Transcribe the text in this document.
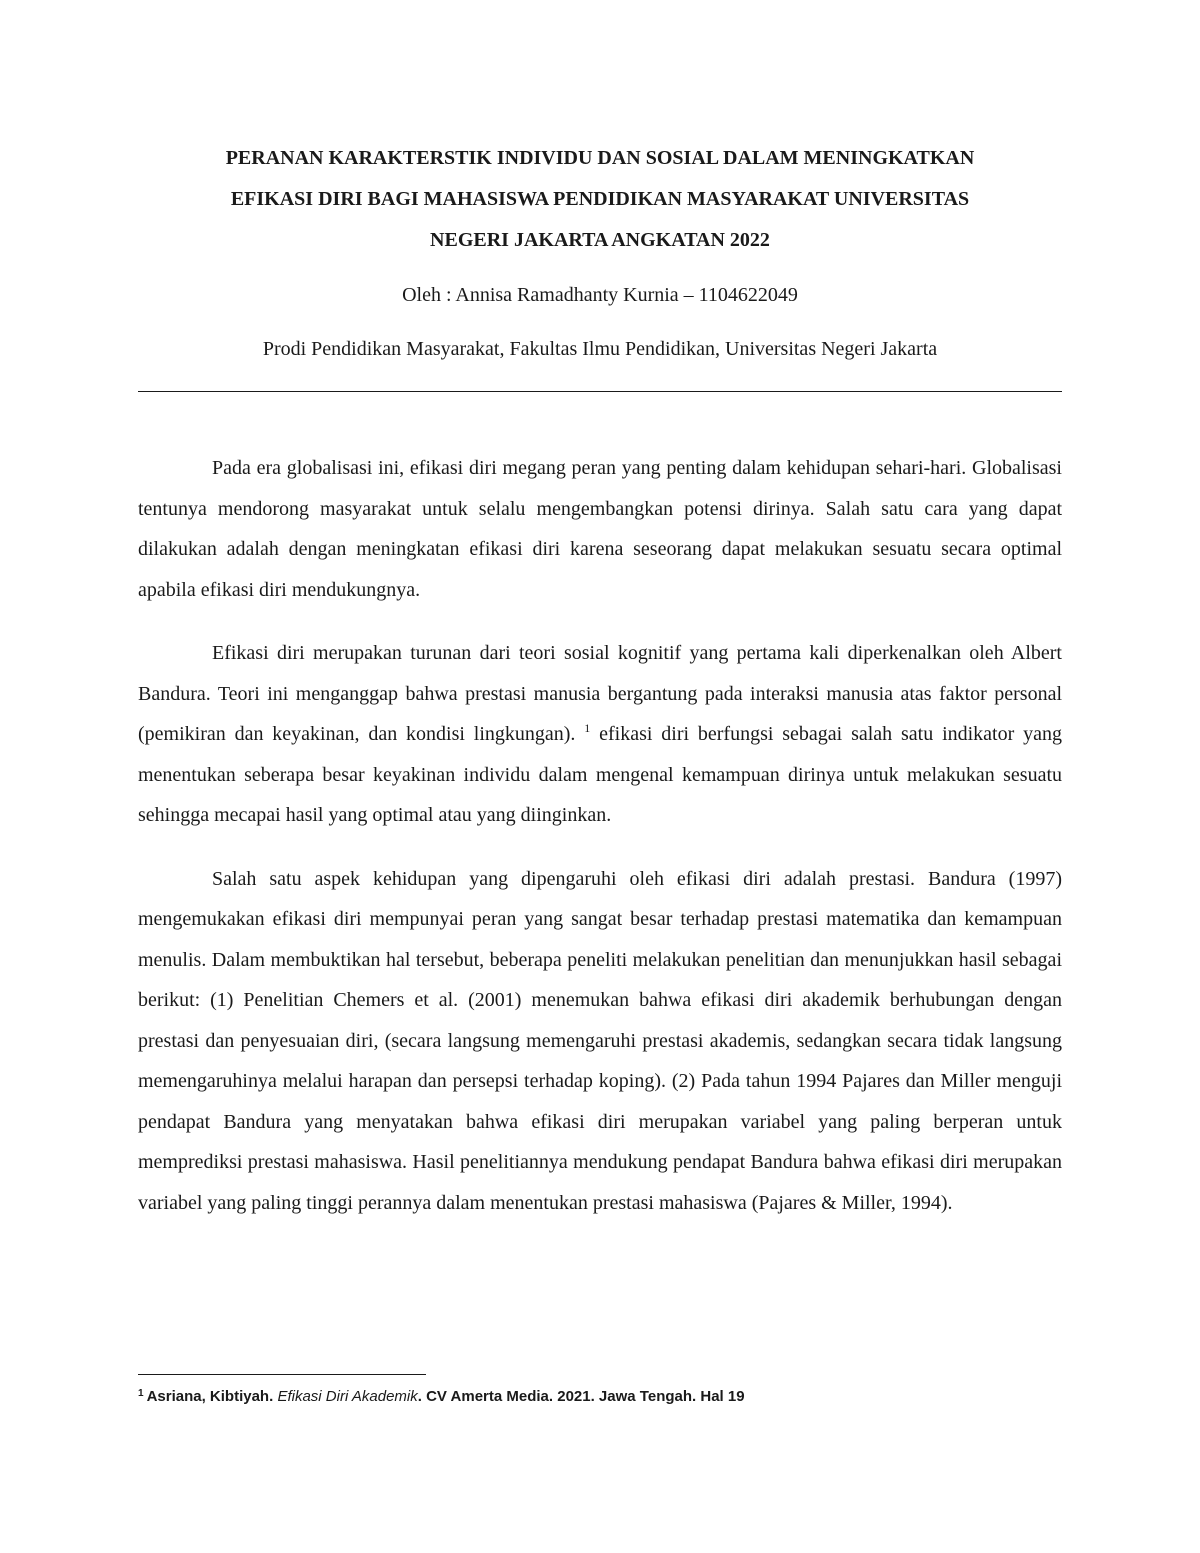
PERANAN KARAKTERSTIK INDIVIDU DAN SOSIAL DALAM MENINGKATKAN
EFIKASI DIRI BAGI MAHASISWA PENDIDIKAN MASYARAKAT UNIVERSITAS
NEGERI JAKARTA ANGKATAN 2022

Oleh : Annisa Ramadhanty Kurnia – 1104622049

Prodi Pendidikan Masyarakat, Fakultas Ilmu Pendidikan, Universitas Negeri Jakarta

Pada era globalisasi ini, efikasi diri megang peran yang penting dalam kehidupan sehari-hari. Globalisasi tentunya mendorong masyarakat untuk selalu mengembangkan potensi dirinya. Salah satu cara yang dapat dilakukan adalah dengan meningkatan efikasi diri karena seseorang dapat melakukan sesuatu secara optimal apabila efikasi diri mendukungnya.

Efikasi diri merupakan turunan dari teori sosial kognitif yang pertama kali diperkenalkan oleh Albert Bandura. Teori ini menganggap bahwa prestasi manusia bergantung pada interaksi manusia atas faktor personal (pemikiran dan keyakinan, dan kondisi lingkungan). $^1$ efikasi diri berfungsi sebagai salah satu indikator yang menentukan seberapa besar keyakinan individu dalam mengenal kemampuan dirinya untuk melakukan sesuatu sehingga mecapai hasil yang optimal atau yang diinginkan.

Salah satu aspek kehidupan yang dipengaruhi oleh efikasi diri adalah prestasi. Bandura (1997) mengemukakan efikasi diri mempunyai peran yang sangat besar terhadap prestasi matematika dan kemampuan menulis. Dalam membuktikan hal tersebut, beberapa peneliti melakukan penelitian dan menunjukkan hasil sebagai berikut: (1) Penelitian Chemers et al. (2001) menemukan bahwa efikasi diri akademik berhubungan dengan prestasi dan penyesuaian diri, (secara langsung memengaruhi prestasi akademis, sedangkan secara tidak langsung memengaruhinya melalui harapan dan persepsi terhadap koping). (2) Pada tahun 1994 Pajares dan Miller menguji pendapat Bandura yang menyatakan bahwa efikasi diri merupakan variabel yang paling berperan untuk memprediksi prestasi mahasiswa. Hasil penelitiannya mendukung pendapat Bandura bahwa efikasi diri merupakan variabel yang paling tinggi perannya dalam menentukan prestasi mahasiswa (Pajares & Miller, 1994).

$^1$ Asriana, Kibtiyah. Efikasi Diri Akademik. CV Amerta Media. 2021. Jawa Tengah. Hal 19
